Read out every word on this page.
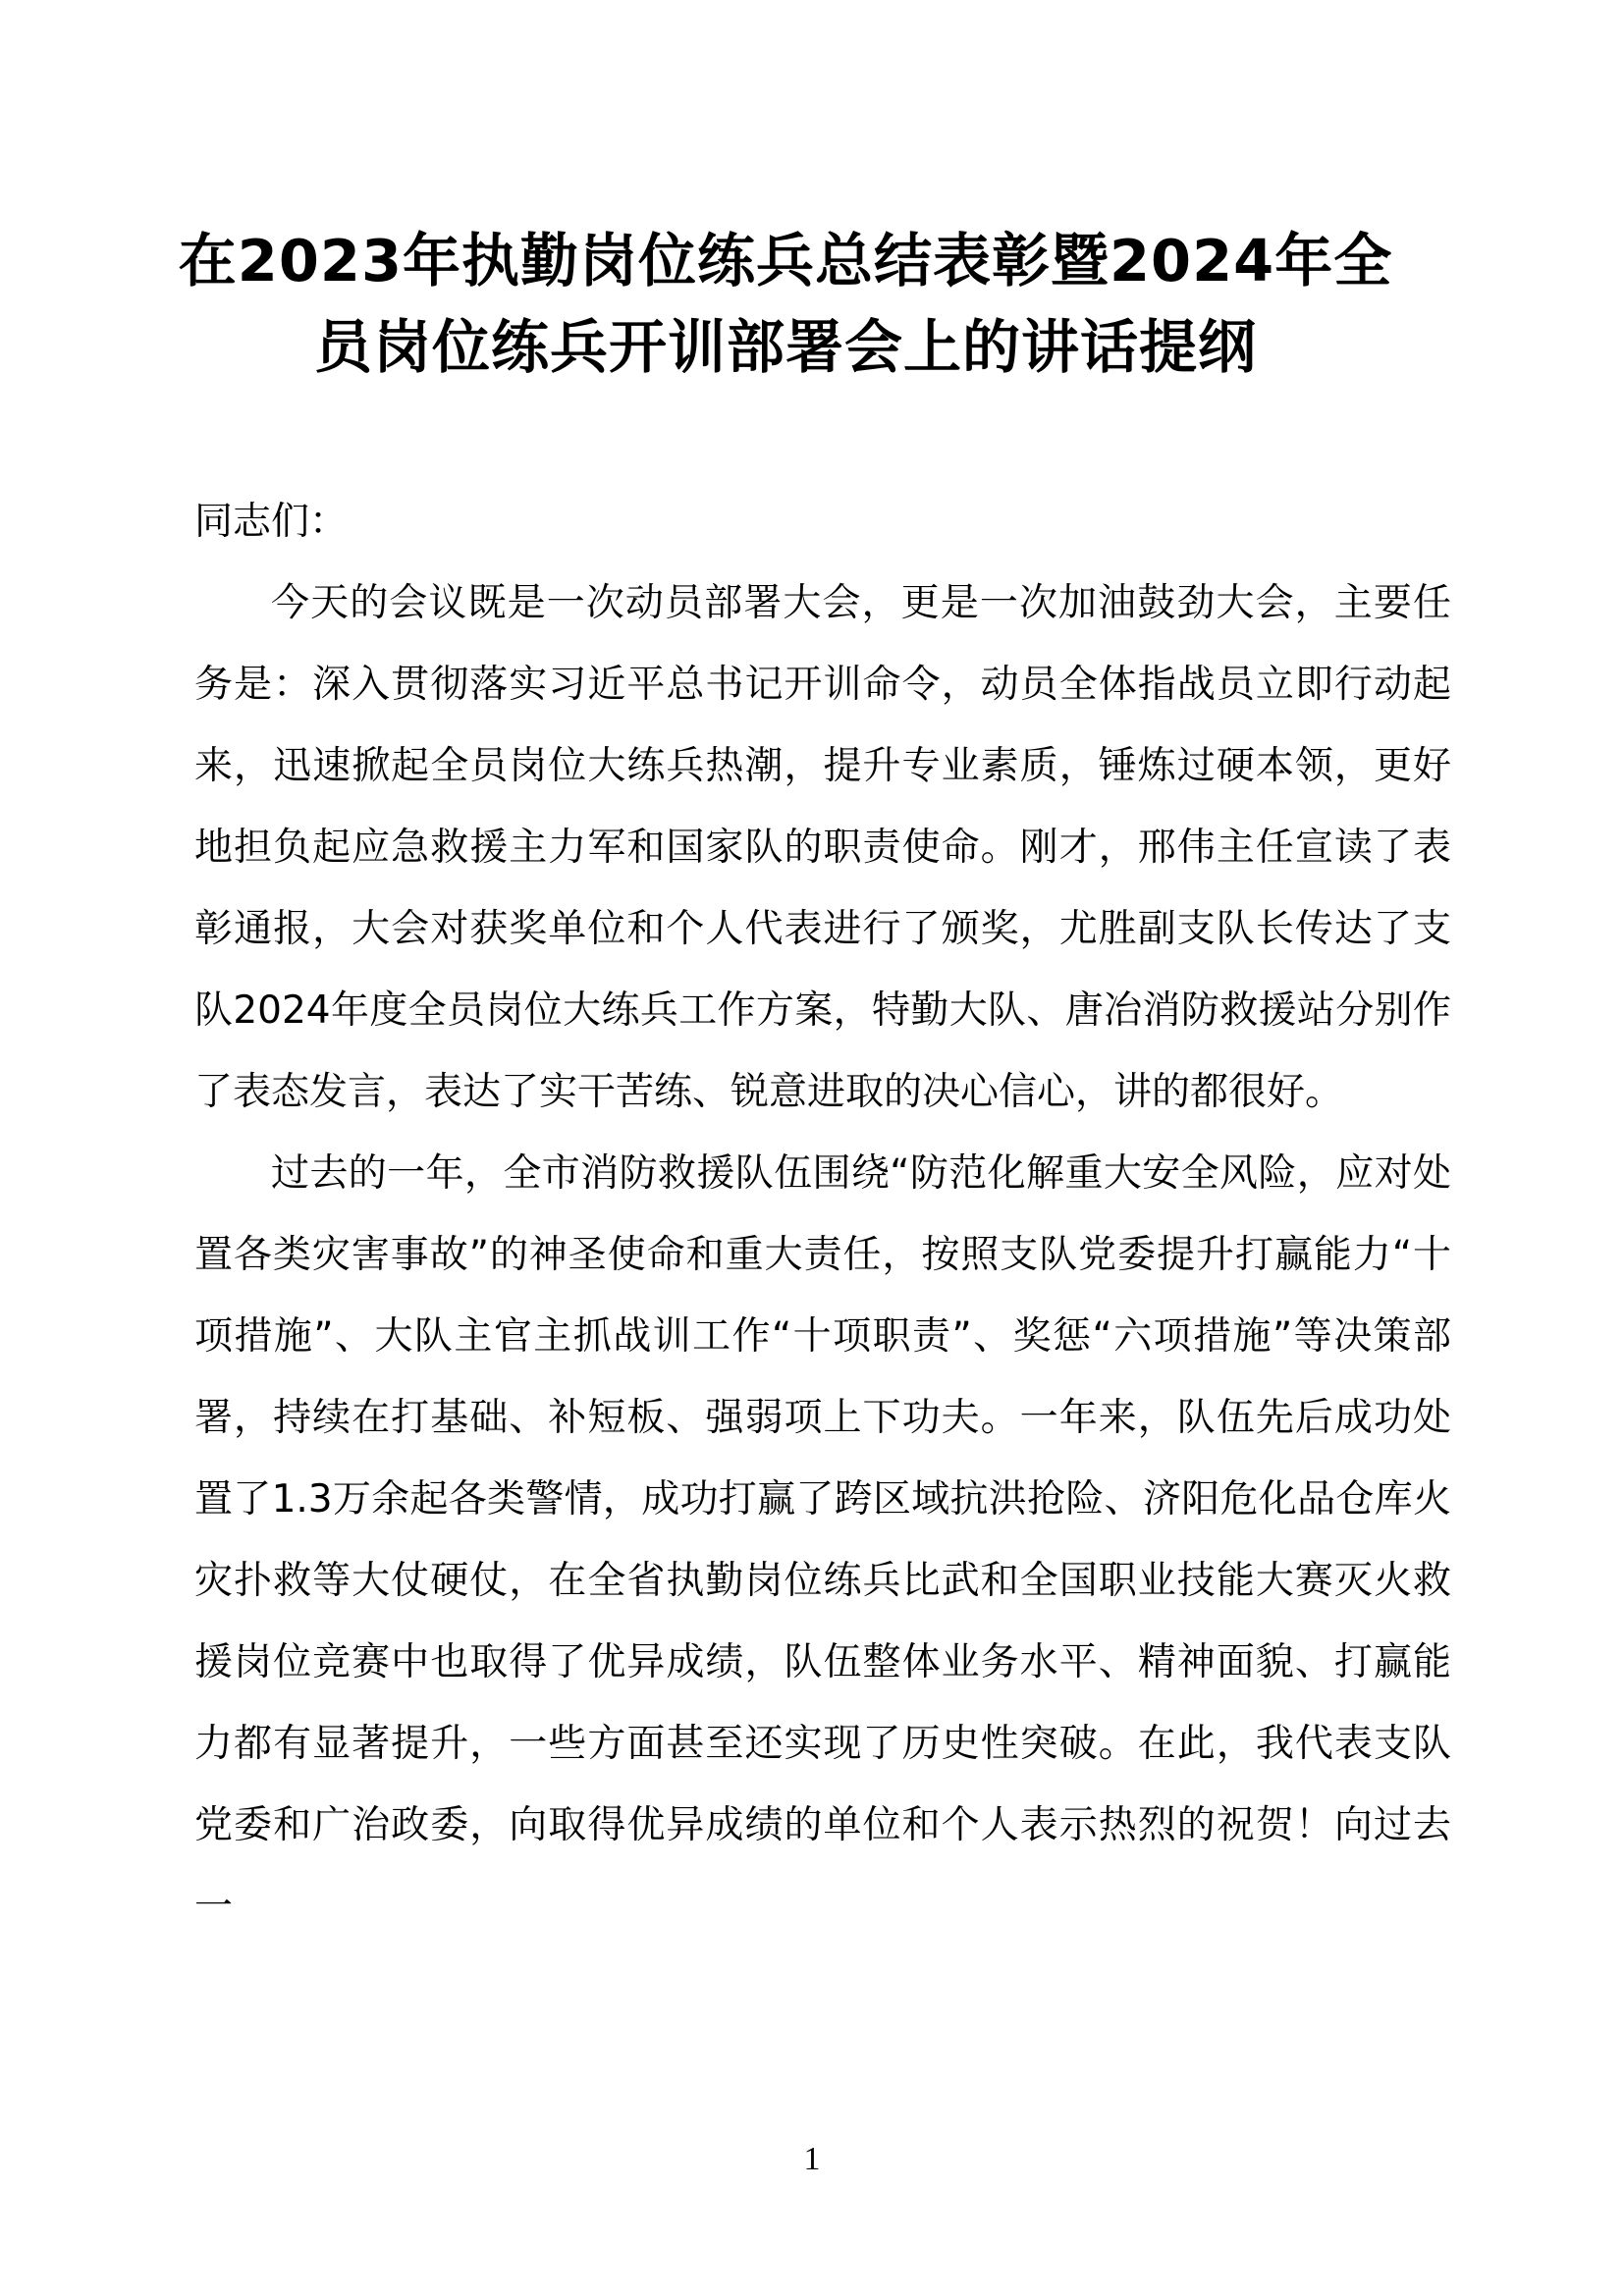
在2023年执勤岗位练兵总结表彰暨2024年全
员岗位练兵开训部署会上的讲话提纲

同志们：

今天的会议既是一次动员部署大会，更是一次加油鼓劲大会，主要任务是：深入贯彻落实习近平总书记开训命令，动员全体指战员立即行动起来，迅速掀起全员岗位大练兵热潮，提升专业素质，锤炼过硬本领，更好地担负起应急救援主力军和国家队的职责使命。刚才，邢伟主任宣读了表彰通报，大会对获奖单位和个人代表进行了颁奖，尤胜副支队长传达了支队2024年度全员岗位大练兵工作方案，特勤大队、唐冶消防救援站分别作了表态发言，表达了实干苦练、锐意进取的决心信心，讲的都很好。

过去的一年，全市消防救援队伍围绕“防范化解重大安全风险，应对处置各类灾害事故”的神圣使命和重大责任，按照支队党委提升打赢能力“十项措施”、大队主官主抓战训工作“十项职责”、奖惩“六项措施”等决策部署，持续在打基础、补短板、强弱项上下功夫。一年来，队伍先后成功处置了1.3万余起各类警情，成功打赢了跨区域抗洪抢险、济阳危化品仓库火灾扑救等大仗硬仗，在全省执勤岗位练兵比武和全国职业技能大赛灭火救援岗位竞赛中也取得了优异成绩，队伍整体业务水平、精神面貌、打赢能力都有显著提升，一些方面甚至还实现了历史性突破。在此，我代表支队党委和广治政委，向取得优异成绩的单位和个人表示热烈的祝贺！向过去一

1
